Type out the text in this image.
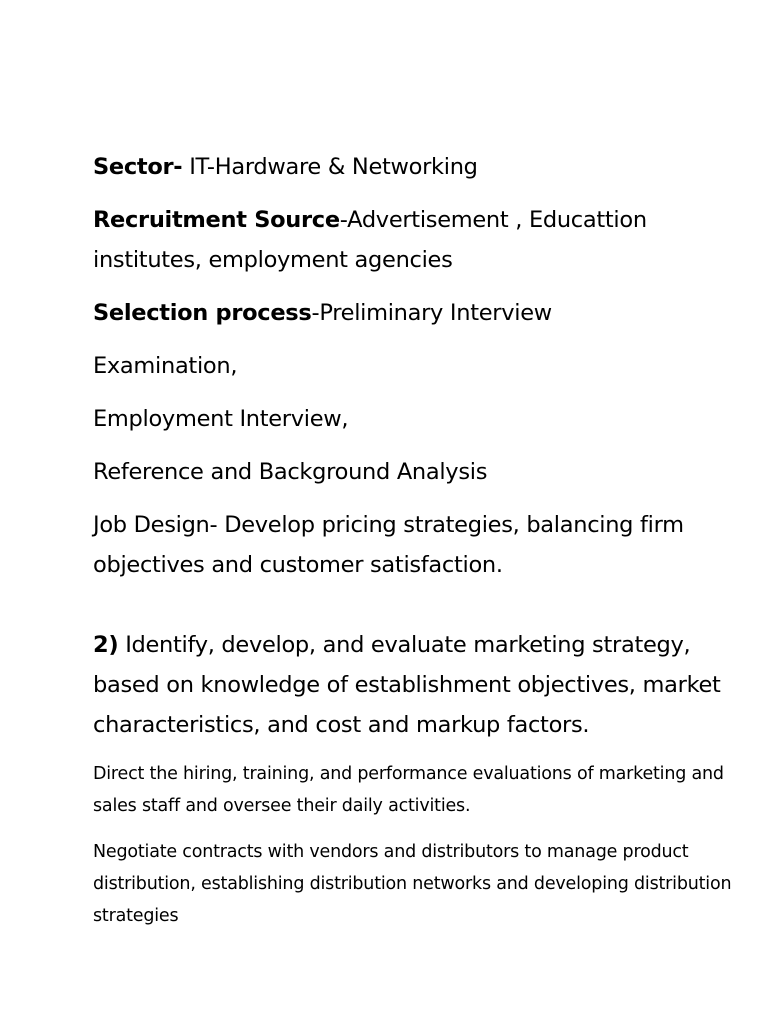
Sector- IT-Hardware & Networking

Recruitment Source-Advertisement , Educattion institutes, employment agencies

Selection process-Preliminary Interview

Examination,

Employment Interview,

Reference and Background Analysis

Job Design- Develop pricing strategies, balancing firm objectives and customer satisfaction.

2) Identify, develop, and evaluate marketing strategy, based on knowledge of establishment objectives, market characteristics, and cost and markup factors.

Direct the hiring, training, and performance evaluations of marketing and sales staff and oversee their daily activities.

Negotiate contracts with vendors and distributors to manage product distribution, establishing distribution networks and developing distribution strategies
